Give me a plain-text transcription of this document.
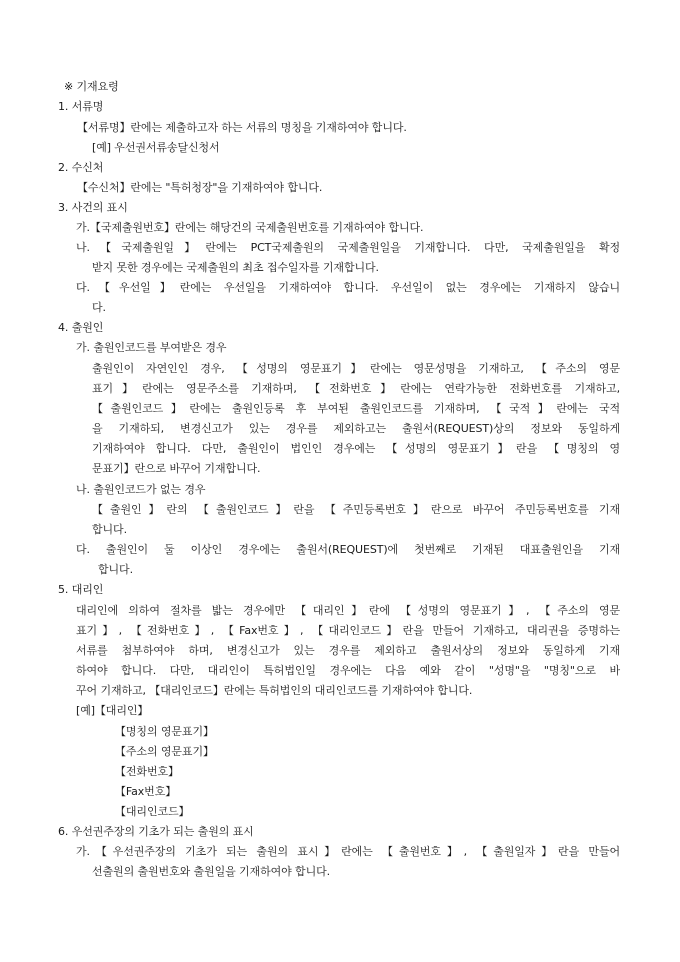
※ 기재요령
1. 서류명
【서류명】란에는 제출하고자 하는 서류의 명칭을 기재하여야 합니다.
[예] 우선권서류송달신청서
2. 수신처
【수신처】란에는 "특허청장"을 기재하여야 합니다.
3. 사건의 표시
가.【국제출원번호】란에는 해당건의 국제출원번호를 기재하여야 합니다.
나.【국제출원일】란에는 PCT국제출원의 국제출원일을 기재합니다. 다만, 국제출원일을 확정
받지 못한 경우에는 국제출원의 최초 접수일자를 기재합니다.
다.【우선일】란에는 우선일을 기재하여야 합니다. 우선일이 없는 경우에는 기재하지 않습니
다.
4. 출원인
가. 출원인코드를 부여받은 경우
출원인이 자연인인 경우, 【성명의 영문표기】란에는 영문성명을 기재하고, 【주소의 영문
표기】란에는 영문주소를 기재하며, 【전화번호】란에는 연락가능한 전화번호를 기재하고,
【출원인코드】란에는 출원인등록 후 부여된 출원인코드를 기재하며, 【국적】란에는 국적
을 기재하되, 변경신고가 있는 경우를 제외하고는 출원서(REQUEST)상의 정보와 동일하게
기재하여야 합니다. 다만, 출원인이 법인인 경우에는 【성명의 영문표기】란을 【명칭의 영
문표기】란으로 바꾸어 기재합니다.
나. 출원인코드가 없는 경우
【출원인】란의 【출원인코드】란을 【주민등록번호】란으로 바꾸어 주민등록번호를 기재
합니다.
다. 출원인이 둘 이상인 경우에는 출원서(REQUEST)에 첫번째로 기재된 대표출원인을 기재
합니다.
5. 대리인
대리인에 의하여 절차를 밟는 경우에만 【대리인】란에 【성명의 영문표기】, 【주소의 영문
표기】, 【전화번호】, 【Fax번호】, 【대리인코드】란을 만들어 기재하고, 대리권을 증명하는
서류를 첨부하여야 하며, 변경신고가 있는 경우를 제외하고 출원서상의 정보와 동일하게 기재
하여야 합니다. 다만, 대리인이 특허법인일 경우에는 다음 예와 같이 "성명"을 "명칭"으로 바
꾸어 기재하고, 【대리인코드】란에는 특허법인의 대리인코드를 기재하여야 합니다.
[예]【대리인】
【명칭의 영문표기】
【주소의 영문표기】
【전화번호】
【Fax번호】
【대리인코드】
6. 우선권주장의 기초가 되는 출원의 표시
가.【우선권주장의 기초가 되는 출원의 표시】란에는 【출원번호】, 【출원일자】란을 만들어
선출원의 출원번호와 출원일을 기재하여야 합니다.
